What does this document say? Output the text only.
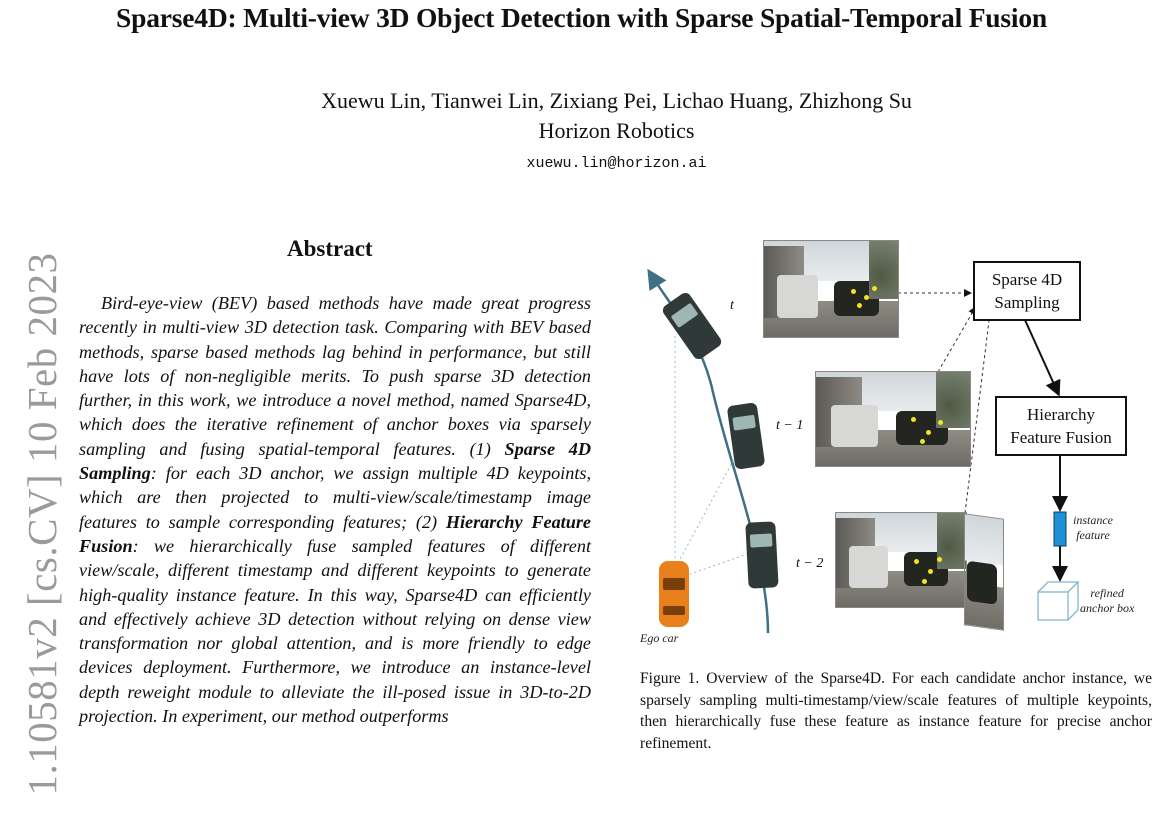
Sparse4D: Multi-view 3D Object Detection with Sparse Spatial-Temporal Fusion
Xuewu Lin, Tianwei Lin, Zixiang Pei, Lichao Huang, Zhizhong Su
Horizon Robotics
xuewu.lin@horizon.ai
1.10581v2 [cs.CV] 10 Feb 2023
Abstract
Bird-eye-view (BEV) based methods have made great progress recently in multi-view 3D detection task. Comparing with BEV based methods, sparse based methods lag behind in performance, but still have lots of non-negligible merits. To push sparse 3D detection further, in this work, we introduce a novel method, named Sparse4D, which does the iterative refinement of anchor boxes via sparsely sampling and fusing spatial-temporal features. (1) Sparse 4D Sampling: for each 3D anchor, we assign multiple 4D keypoints, which are then projected to multi-view/scale/timestamp image features to sample corresponding features; (2) Hierarchy Feature Fusion: we hierarchically fuse sampled features of different view/scale, different timestamp and different keypoints to generate high-quality instance feature. In this way, Sparse4D can efficiently and effectively achieve 3D detection without relying on dense view transformation nor global attention, and is more friendly to edge devices deployment. Furthermore, we introduce an instance-level depth reweight module to alleviate the ill-posed issue in 3D-to-2D projection. In experiment, our method outperforms
Sparse 4D
Sampling
Hierarchy
Feature Fusion
t
t − 1
t − 2
instance
feature
refined
anchor box
Ego car
Figure 1. Overview of the Sparse4D. For each candidate anchor instance, we sparsely sampling multi-timestamp/view/scale features of multiple keypoints, then hierarchically fuse these feature as instance feature for precise anchor refinement.
